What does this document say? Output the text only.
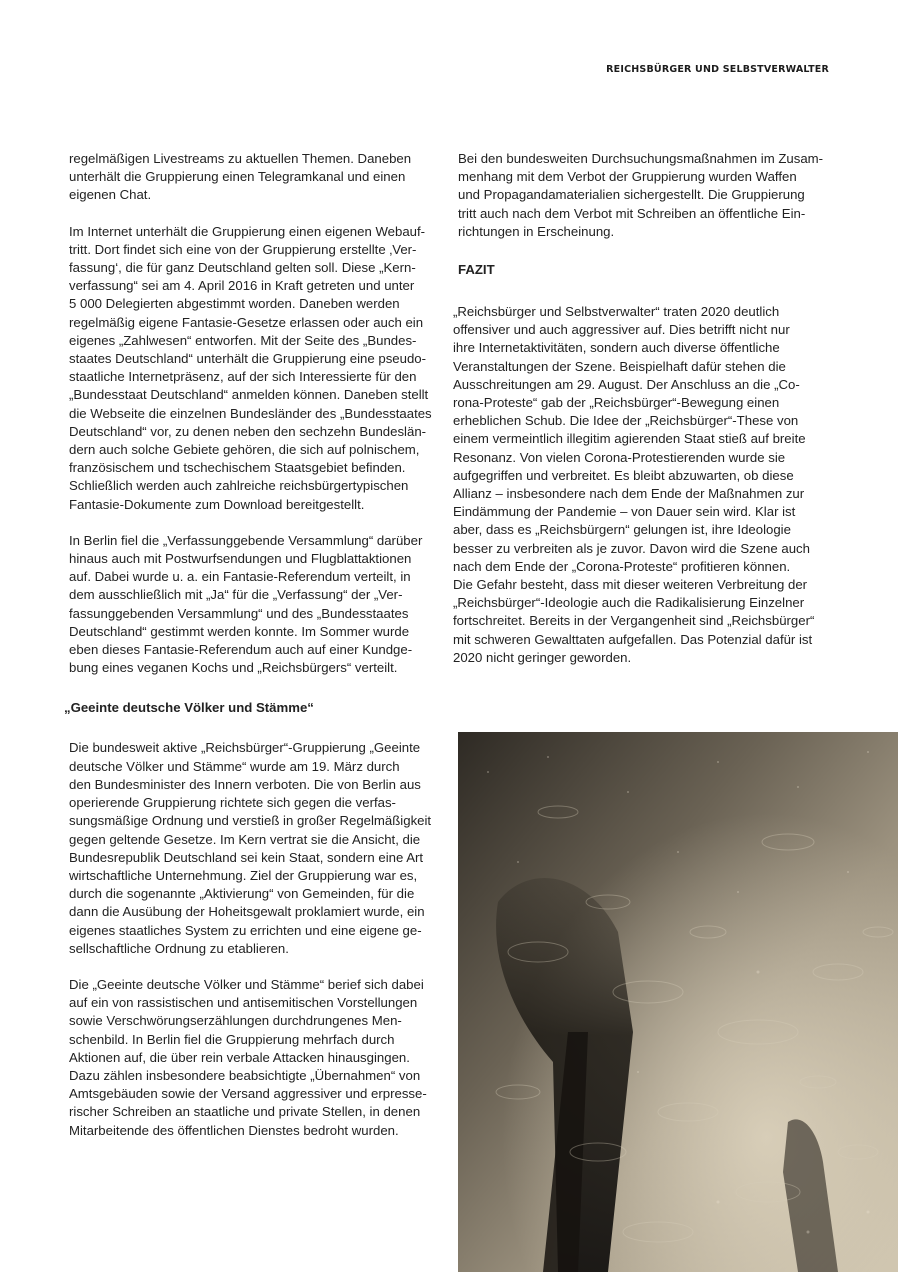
REICHSBÜRGER UND SELBSTVERWALTER

regelmäßigen Livestreams zu aktuellen Themen. Daneben
unterhält die Gruppierung einen Telegramkanal und einen
eigenen Chat.

Im Internet unterhält die Gruppierung einen eigenen Webauf-
tritt. Dort findet sich eine von der Gruppierung erstellte ‚Ver-
fassung‘, die für ganz Deutschland gelten soll. Diese „Kern-
verfassung“ sei am 4. April 2016 in Kraft getreten und unter
5 000 Delegierten abgestimmt worden. Daneben werden
regelmäßig eigene Fantasie-Gesetze erlassen oder auch ein
eigenes „Zahlwesen“ entworfen. Mit der Seite des „Bundes-
staates Deutschland“ unterhält die Gruppierung eine pseudo-
staatliche Internetpräsenz, auf der sich Interessierte für den
„Bundesstaat Deutschland“ anmelden können. Daneben stellt
die Webseite die einzelnen Bundesländer des „Bundesstaates
Deutschland“ vor, zu denen neben den sechzehn Bundeslän-
dern auch solche Gebiete gehören, die sich auf polnischem,
französischem und tschechischem Staatsgebiet befinden.
Schließlich werden auch zahlreiche reichsbürgertypischen
Fantasie-Dokumente zum Download bereitgestellt.

In Berlin fiel die „Verfassunggebende Versammlung“ darüber
hinaus auch mit Postwurfsendungen und Flugblattaktionen
auf. Dabei wurde u. a. ein Fantasie-Referendum verteilt, in
dem ausschließlich mit „Ja“ für die „Verfassung“ der „Ver-
fassunggebenden Versammlung“ und des „Bundesstaates
Deutschland“ gestimmt werden konnte. Im Sommer wurde
eben dieses Fantasie-Referendum auch auf einer Kundge-
bung eines veganen Kochs und „Reichsbürgers“ verteilt.

„Geeinte deutsche Völker und Stämme“

Die bundesweit aktive „Reichsbürger“-Gruppierung „Geeinte
deutsche Völker und Stämme“ wurde am 19. März durch
den Bundesminister des Innern verboten. Die von Berlin aus
operierende Gruppierung richtete sich gegen die verfas-
sungsmäßige Ordnung und verstieß in großer Regelmäßigkeit
gegen geltende Gesetze. Im Kern vertrat sie die Ansicht, die
Bundesrepublik Deutschland sei kein Staat, sondern eine Art
wirtschaftliche Unternehmung. Ziel der Gruppierung war es,
durch die sogenannte „Aktivierung“ von Gemeinden, für die
dann die Ausübung der Hoheitsgewalt proklamiert wurde, ein
eigenes staatliches System zu errichten und eine eigene ge-
sellschaftliche Ordnung zu etablieren.

Die „Geeinte deutsche Völker und Stämme“ berief sich dabei
auf ein von rassistischen und antisemitischen Vorstellungen
sowie Verschwörungserzählungen durchdrungenes Men-
schenbild. In Berlin fiel die Gruppierung mehrfach durch
Aktionen auf, die über rein verbale Attacken hinausgingen.
Dazu zählen insbesondere beabsichtigte „Übernahmen“ von
Amtsgebäuden sowie der Versand aggressiver und erpresse-
rischer Schreiben an staatliche und private Stellen, in denen
Mitarbeitende des öffentlichen Dienstes bedroht wurden.

Bei den bundesweiten Durchsuchungsmaßnahmen im Zusam-
menhang mit dem Verbot der Gruppierung wurden Waffen
und Propagandamaterialien sichergestellt. Die Gruppierung
tritt auch nach dem Verbot mit Schreiben an öffentliche Ein-
richtungen in Erscheinung.

FAZIT

„Reichsbürger und Selbstverwalter“ traten 2020 deutlich
offensiver und auch aggressiver auf. Dies betrifft nicht nur
ihre Internetaktivitäten, sondern auch diverse öffentliche
Veranstaltungen der Szene. Beispielhaft dafür stehen die
Ausschreitungen am 29. August. Der Anschluss an die „Co-
rona-Proteste“ gab der „Reichsbürger“-Bewegung einen
erheblichen Schub. Die Idee der „Reichsbürger“-These von
einem vermeintlich illegitim agierenden Staat stieß auf breite
Resonanz. Von vielen Corona-Protestierenden wurde sie
aufgegriffen und verbreitet. Es bleibt abzuwarten, ob diese
Allianz – insbesondere nach dem Ende der Maßnahmen zur
Eindämmung der Pandemie – von Dauer sein wird. Klar ist
aber, dass es „Reichsbürgern“ gelungen ist, ihre Ideologie
besser zu verbreiten als je zuvor. Davon wird die Szene auch
nach dem Ende der „Corona-Proteste“ profitieren können.
Die Gefahr besteht, dass mit dieser weiteren Verbreitung der
„Reichsbürger“-Ideologie auch die Radikalisierung Einzelner
fortschreitet. Bereits in der Vergangenheit sind „Reichsbürger“
mit schweren Gewalttaten aufgefallen. Das Potenzial dafür ist
2020 nicht geringer geworden.
